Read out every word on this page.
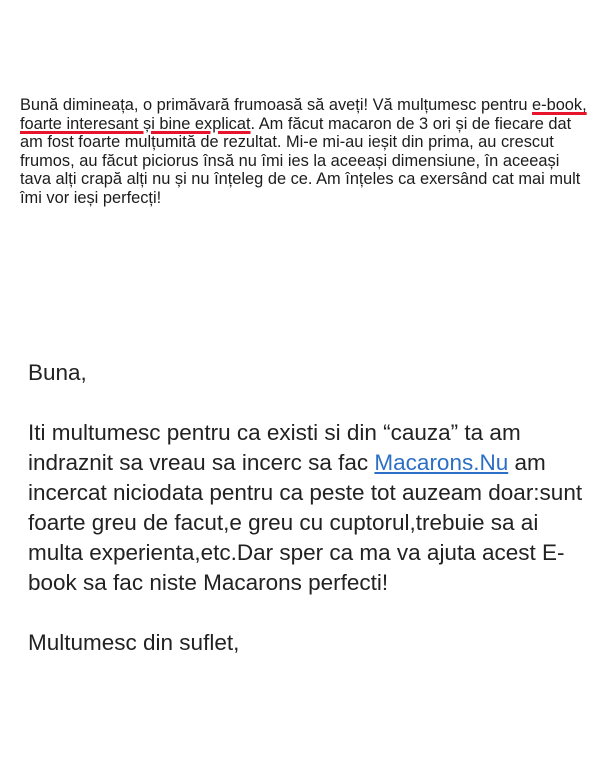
Bună dimineața, o primăvară frumoasă să aveți! Vă mulțumesc pentru e-book, foarte interesant și bine explicat. Am făcut macaron de 3 ori și de fiecare dat am fost foarte mulțumită de rezultat. Mi-e mi-au ieșit din prima, au crescut frumos, au făcut piciorus însă nu îmi ies la aceeași dimensiune, în aceeași tava alți crapă alți nu și nu înțeleg de ce. Am înțeles ca exersând cat mai mult îmi vor ieși perfecți!

Buna,

Iti multumesc pentru ca existi si din “cauza” ta am indraznit sa vreau sa incerc sa fac Macarons.Nu am incercat niciodata pentru ca peste tot auzeam doar:sunt foarte greu de facut,e greu cu cuptorul,trebuie sa ai multa experienta,etc.Dar sper ca ma va ajuta acest E-book sa fac niste Macarons perfecti!

Multumesc din suflet,
